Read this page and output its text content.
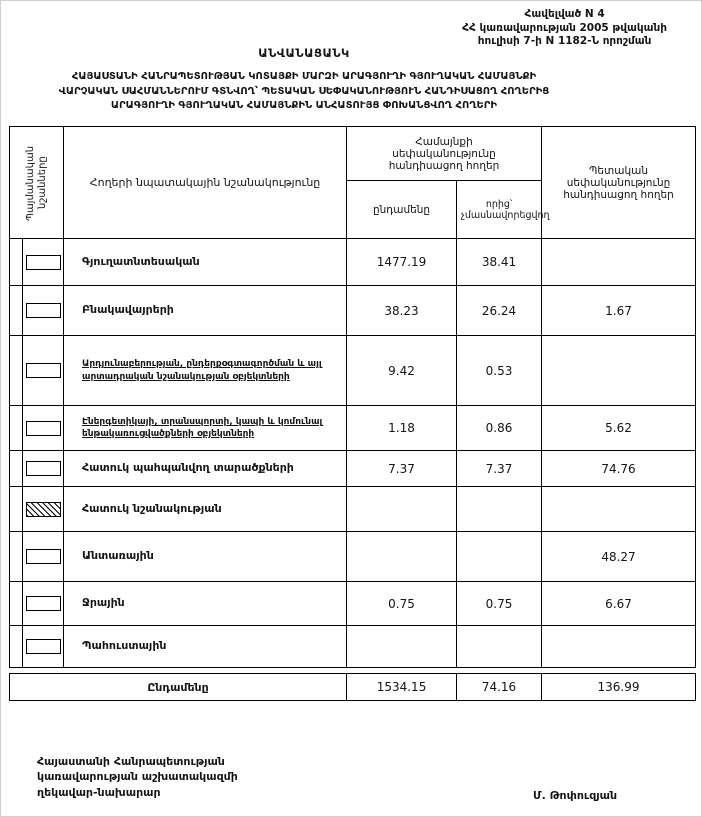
Հավելված N 4
ՀՀ կառավարության 2005 թվականի
հուլիսի 7-ի N 1182-Ն որոշման
ԱՆՎԱՆԱՑԱՆԿ
ՀԱՅԱՍՏԱՆԻ ՀԱՆՐԱՊԵՏՈՒԹՅԱՆ ԿՈՏԱՅՔԻ ՄԱՐԶԻ ԱՐԱԳՅՈՒՂԻ ԳՅՈՒՂԱԿԱՆ ՀԱՄԱՅՆՔԻ
ՎԱՐՉԱԿԱՆ ՍԱՀՄԱՆՆԵՐՈՒՄ ԳՏՆՎՈՂ՝ ՊԵՏԱԿԱՆ ՍԵՓԱԿԱՆՈՒԹՅՈՒՆ ՀԱՆԴԻՍԱՑՈՂ ՀՈՂԵՐԻՑ
ԱՐԱԳՅՈՒՂԻ ԳՅՈՒՂԱԿԱՆ ՀԱՄԱՅՆՔԻՆ ԱՆՀԱՏՈՒՅՑ ՓՈԽԱՆՑՎՈՂ ՀՈՂԵՐԻ
Պայմանական նշանները	Հողերի նպատակային նշանակությունը	Համայնքի սեփականությունը հանդիսացող հողեր		Պետական սեփականությունը հանդիսացող հողեր
		ընդամենը	որից՝ չմասնավորեցվող	

	Գյուղատնտեսական	1477.19	38.41	

	Բնակավայրերի	38.23	26.24	1.67

	Արդյունաբերության, ընդերքօգտագործման և այլ արտադրական նշանակության օբյեկտների	9.42	0.53	

	Էներգետիկայի, տրանսպորտի, կապի և կոմունալ ենթակառուցվածքների օբյեկտների	1.18	0.86	5.62

	Հատուկ պահպանվող տարածքների	7.37	7.37	74.76

	Հատուկ նշանակության			

	Անտառային			48.27

	Ջրային	0.75	0.75	6.67

	Պահուստային			
Ընդամենը	1534.15	74.16	136.99
Հայաստանի Հանրապետության
կառավարության աշխատակազմի
ղեկավար-նախարար	Մ. Թոփուզյան
